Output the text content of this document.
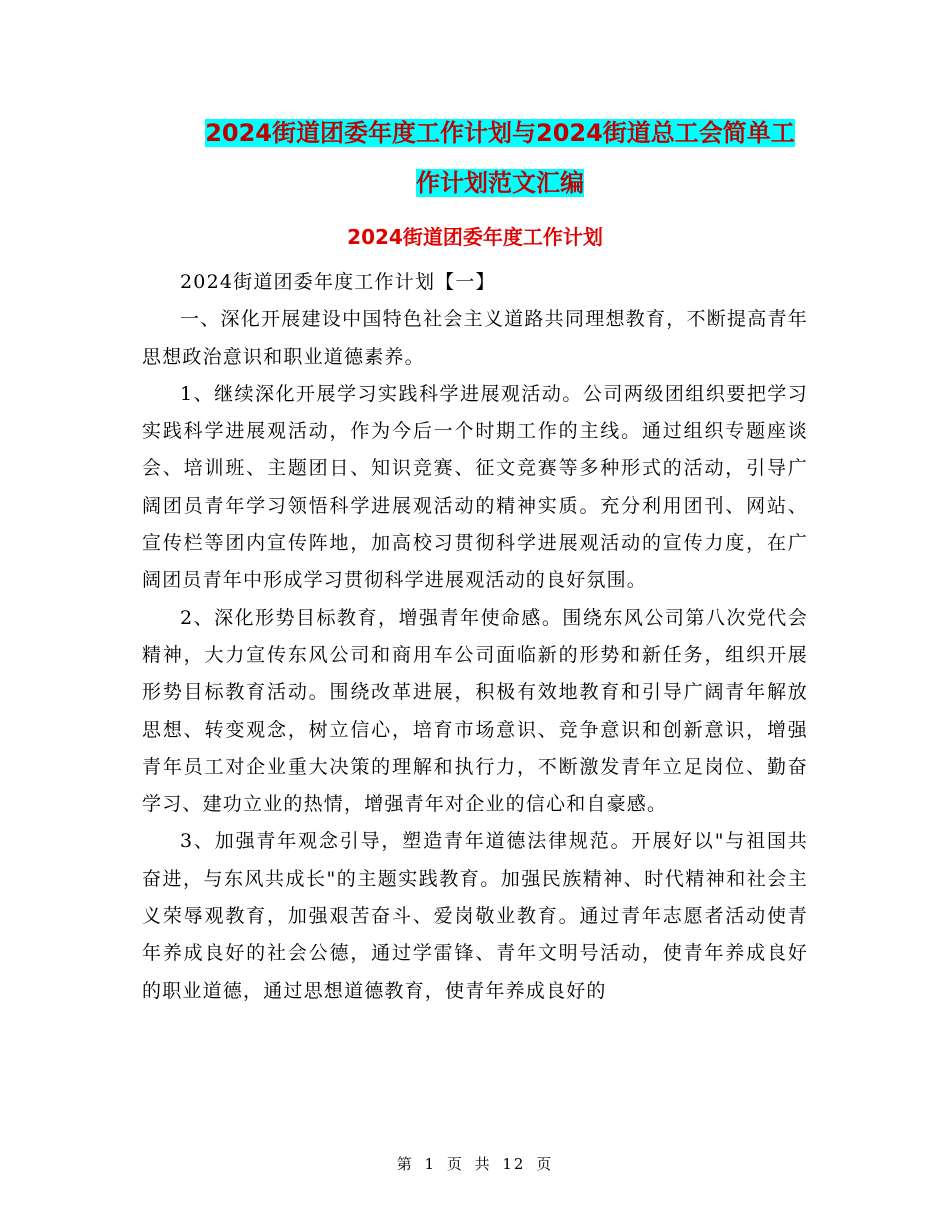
2024街道团委年度工作计划与2024街道总工会简单工
作计划范文汇编
2024街道团委年度工作计划

2024街道团委年度工作计划【一】

一、深化开展建设中国特色社会主义道路共同理想教育，不断提高青年思想政治意识和职业道德素养。

1、继续深化开展学习实践科学进展观活动。公司两级团组织要把学习实践科学进展观活动，作为今后一个时期工作的主线。通过组织专题座谈会、培训班、主题团日、知识竞赛、征文竞赛等多种形式的活动，引导广阔团员青年学习领悟科学进展观活动的精神实质。充分利用团刊、网站、宣传栏等团内宣传阵地，加高校习贯彻科学进展观活动的宣传力度，在广阔团员青年中形成学习贯彻科学进展观活动的良好氛围。

2、深化形势目标教育，增强青年使命感。围绕东风公司第八次党代会精神，大力宣传东风公司和商用车公司面临新的形势和新任务，组织开展形势目标教育活动。围绕改革进展，积极有效地教育和引导广阔青年解放思想、转变观念，树立信心，培育市场意识、竞争意识和创新意识，增强青年员工对企业重大决策的理解和执行力，不断激发青年立足岗位、勤奋学习、建功立业的热情，增强青年对企业的信心和自豪感。

3、加强青年观念引导，塑造青年道德法律规范。开展好以"与祖国共奋进，与东风共成长"的主题实践教育。加强民族精神、时代精神和社会主义荣辱观教育，加强艰苦奋斗、爱岗敬业教育。通过青年志愿者活动使青年养成良好的社会公德，通过学雷锋、青年文明号活动，使青年养成良好的职业道德，通过思想道德教育，使青年养成良好的

第 1 页 共 12 页
